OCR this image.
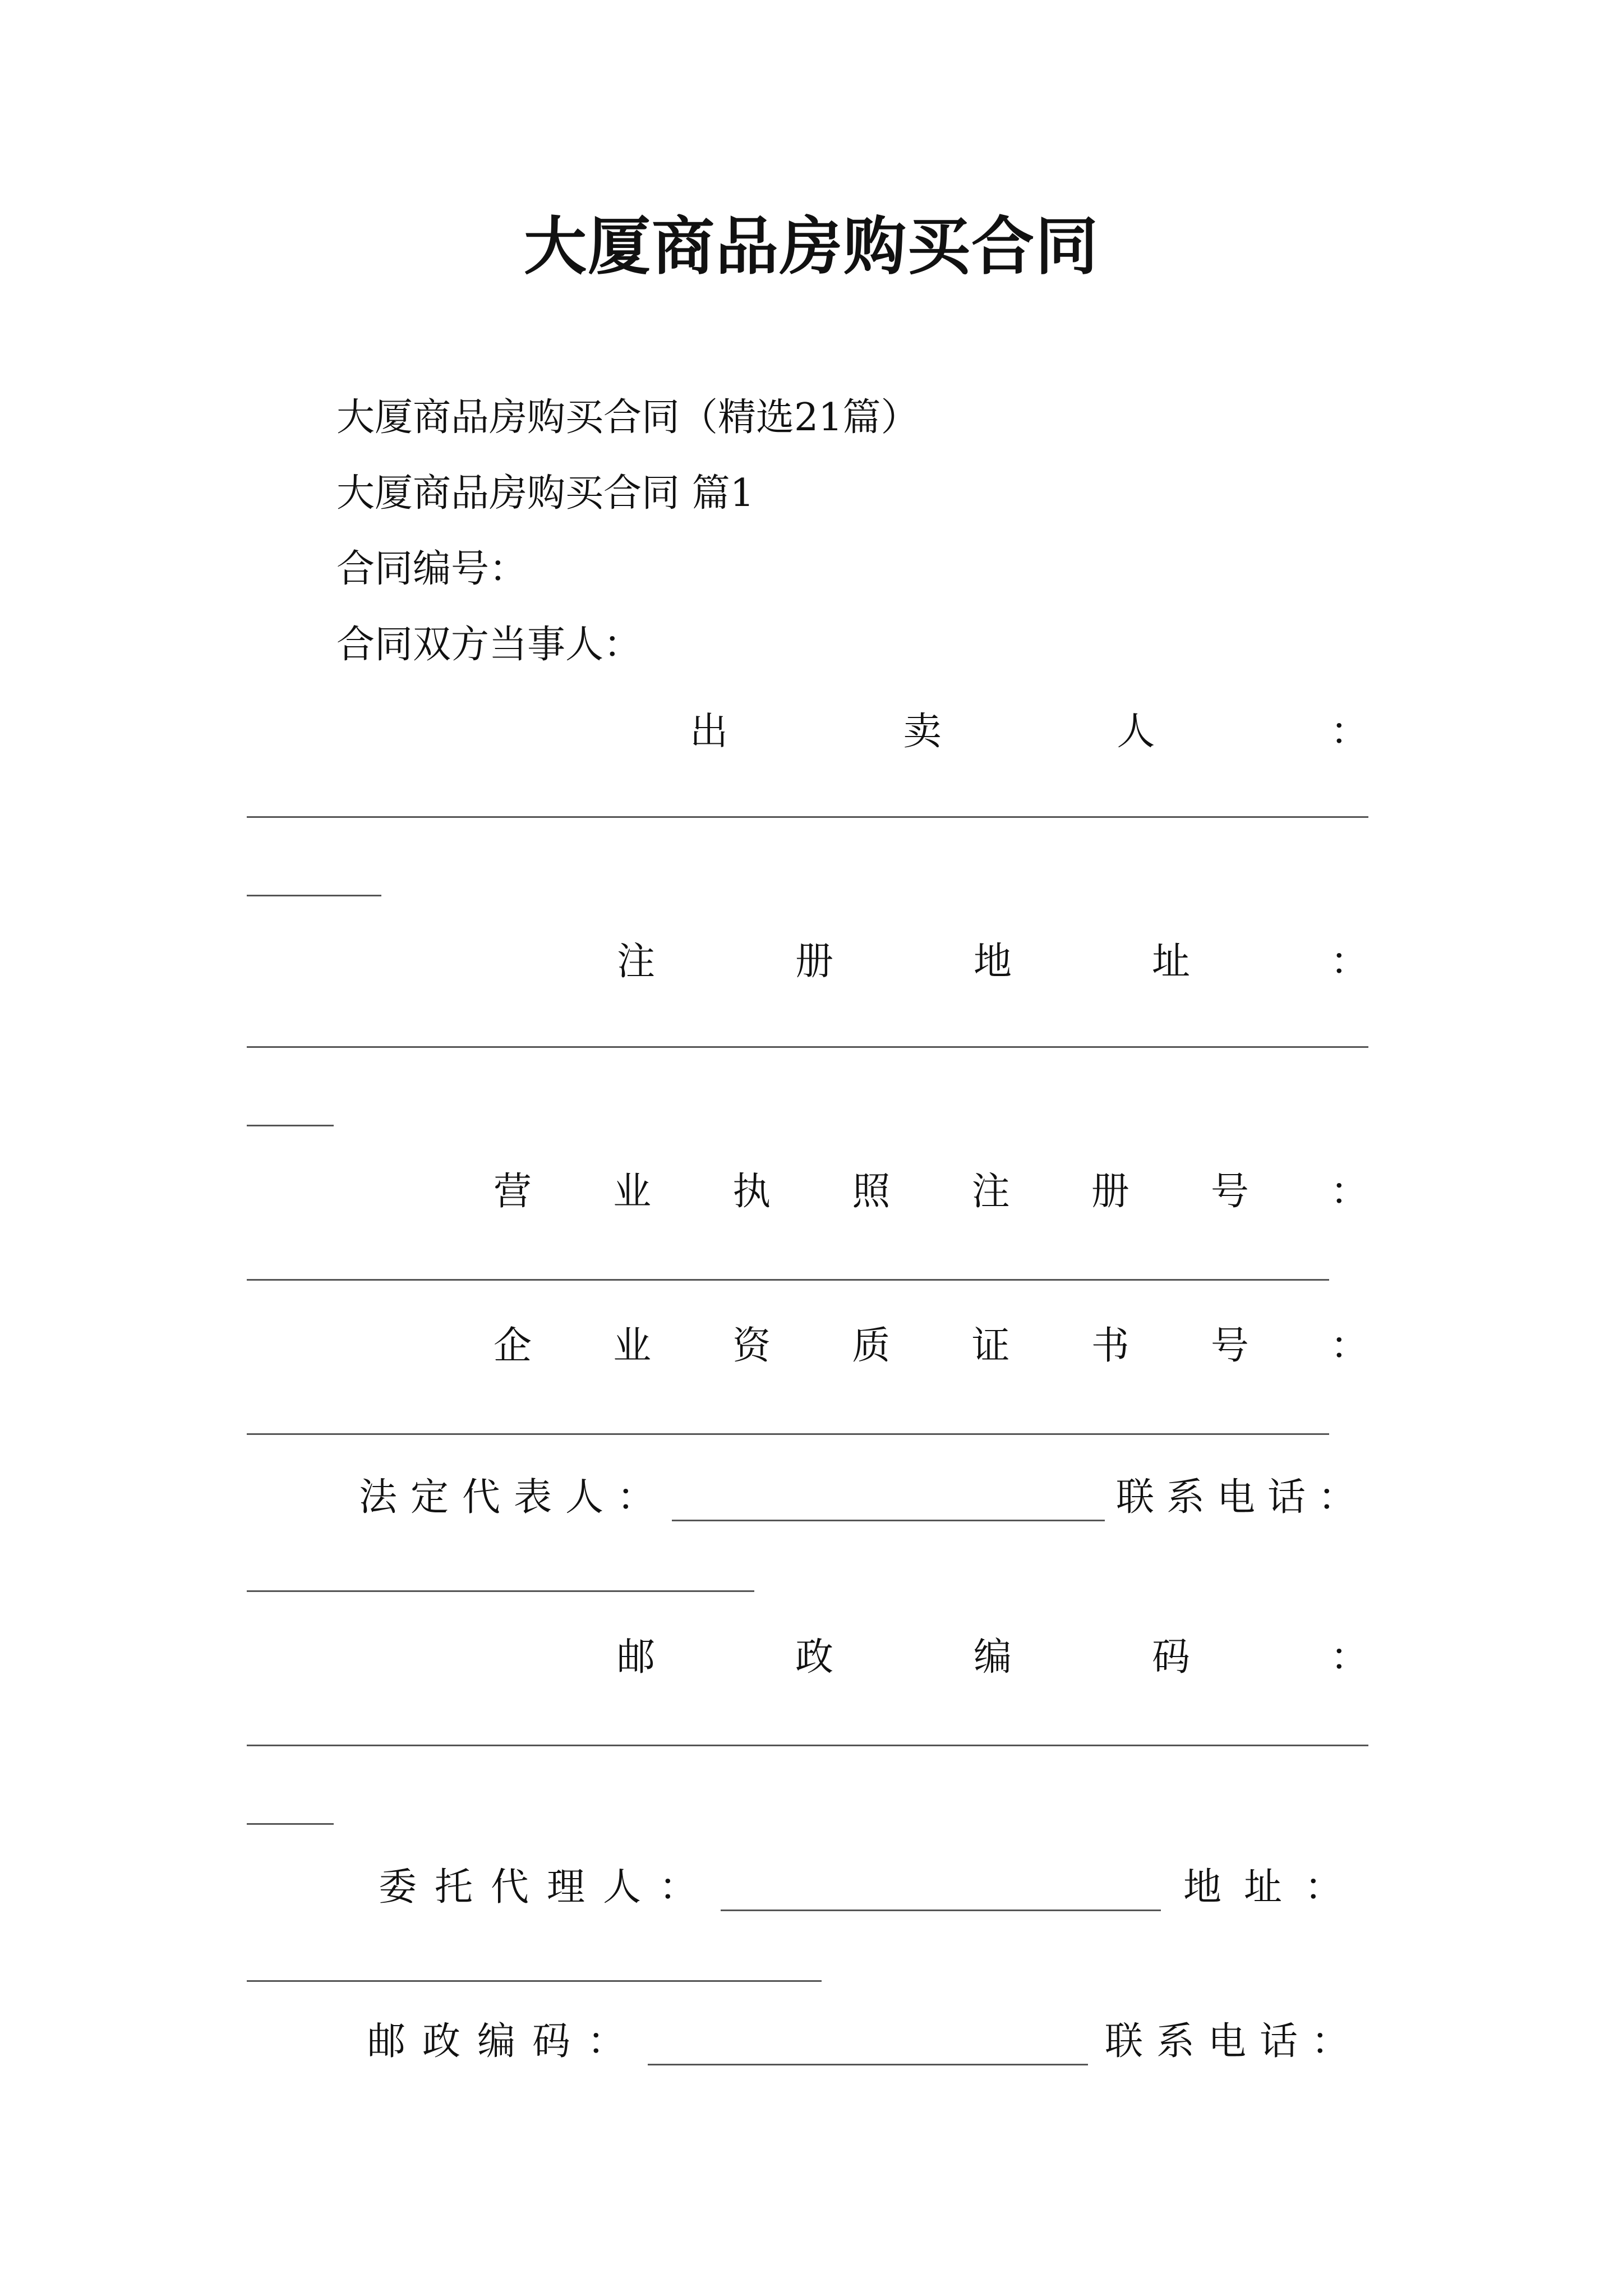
大厦商品房购买合同
大厦商品房购买合同（精选21篇）
大厦商品房购买合同 篇1
合同编号：
合同双方当事人：
出	卖	人	：
注	册	地	址	：
营 业 执 照 注 册 号 ：
企 业 资 质 证 书 号 ：
法定代表人：	联系电话：
邮	政	编	码	：
委托代理人：	地址：
邮政编码：	联系电话：
